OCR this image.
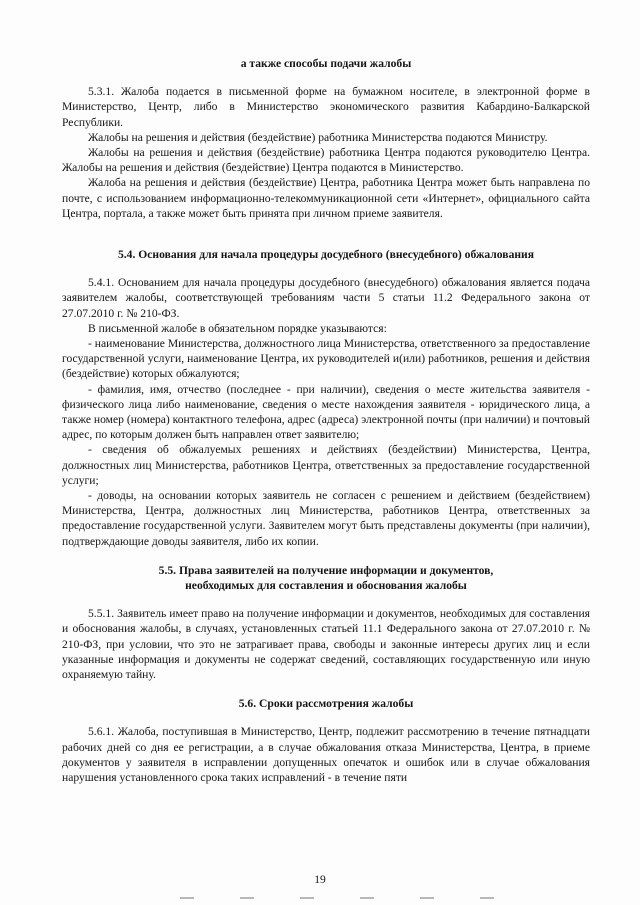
а также способы подачи жалобы

5.3.1. Жалоба подается в письменной форме на бумажном носителе, в электронной форме в Министерство, Центр, либо в Министерство экономического развития Кабардино-Балкарской Республики.

Жалобы на решения и действия (бездействие) работника Министерства подаются Министру.

Жалобы на решения и действия (бездействие) работника Центра подаются руководителю Центра. Жалобы на решения и действия (бездействие) Центра подаются в Министерство.

Жалоба на решения и действия (бездействие) Центра, работника Центра может быть направлена по почте, с использованием информационно-телекоммуникационной сети «Интернет», официального сайта Центра, портала, а также может быть принята при личном приеме заявителя.

5.4. Основания для начала процедуры досудебного (внесудебного) обжалования

5.4.1. Основанием для начала процедуры досудебного (внесудебного) обжалования является подача заявителем жалобы, соответствующей требованиям части 5 статьи 11.2 Федерального закона от 27.07.2010 г. № 210-ФЗ.

В письменной жалобе в обязательном порядке указываются:

- наименование Министерства, должностного лица Министерства, ответственного за предоставление государственной услуги, наименование Центра, их руководителей и(или) работников, решения и действия (бездействие) которых обжалуются;

- фамилия, имя, отчество (последнее - при наличии), сведения о месте жительства заявителя - физического лица либо наименование, сведения о месте нахождения заявителя - юридического лица, а также номер (номера) контактного телефона, адрес (адреса) электронной почты (при наличии) и почтовый адрес, по которым должен быть направлен ответ заявителю;

- сведения об обжалуемых решениях и действиях (бездействии) Министерства, Центра, должностных лиц Министерства, работников Центра, ответственных за предоставление государственной услуги;

- доводы, на основании которых заявитель не согласен с решением и действием (бездействием) Министерства, Центра, должностных лиц Министерства, работников Центра, ответственных за предоставление государственной услуги. Заявителем могут быть представлены документы (при наличии), подтверждающие доводы заявителя, либо их копии.

5.5. Права заявителей на получение информации и документов,

необходимых для составления и обоснования жалобы

5.5.1. Заявитель имеет право на получение информации и документов, необходимых для составления и обоснования жалобы, в случаях, установленных статьей 11.1 Федерального закона от 27.07.2010 г. № 210-ФЗ, при условии, что это не затрагивает права, свободы и законные интересы других лиц и если указанные информация и документы не содержат сведений, составляющих государственную или иную охраняемую тайну.

5.6. Сроки рассмотрения жалобы

5.6.1. Жалоба, поступившая в Министерство, Центр, подлежит рассмотрению в течение пятнадцати рабочих дней со дня ее регистрации, а в случае обжалования отказа Министерства, Центра, в приеме документов у заявителя в исправлении допущенных опечаток и ошибок или в случае обжалования нарушения установленного срока таких исправлений - в течение пяти

19
